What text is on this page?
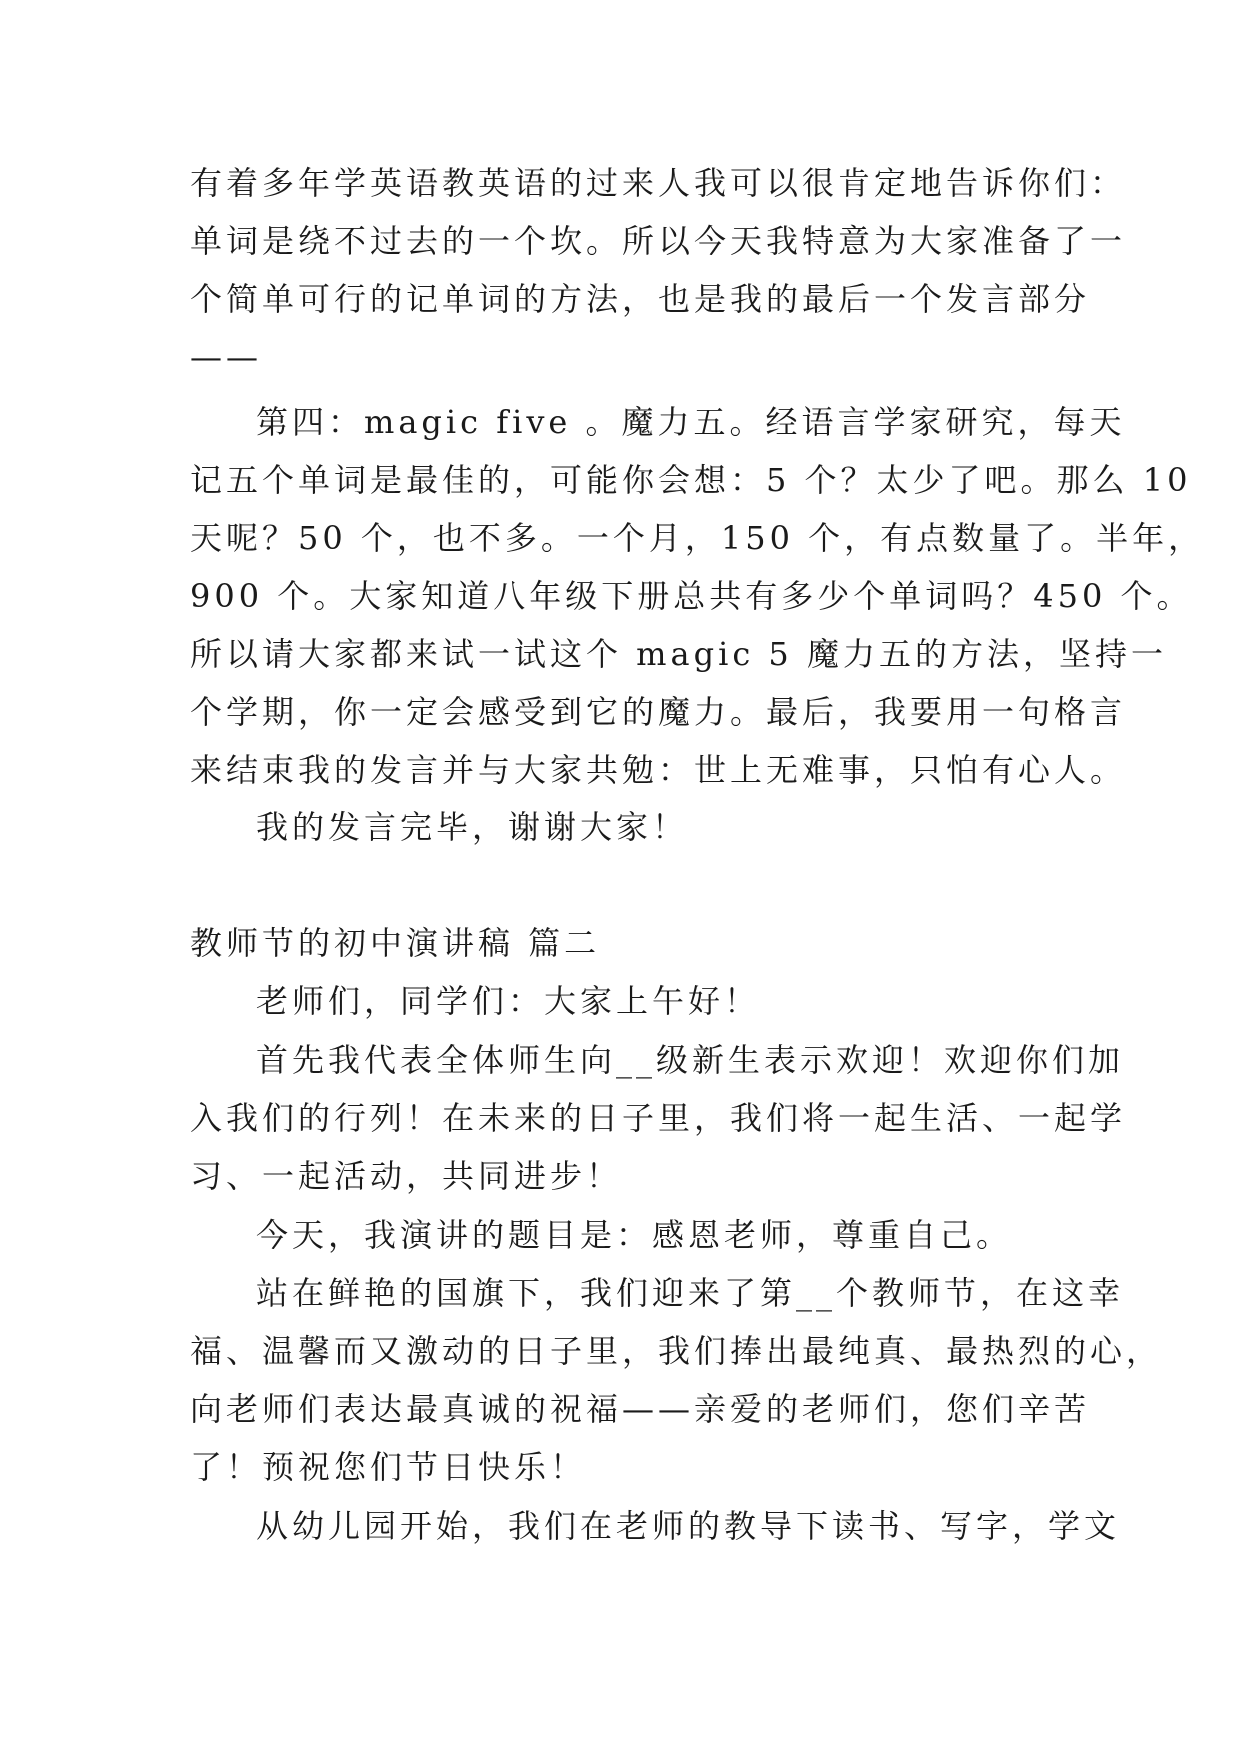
有着多年学英语教英语的过来人我可以很肯定地告诉你们：
单词是绕不过去的一个坎。所以今天我特意为大家准备了一
个简单可行的记单词的方法，也是我的最后一个发言部分
——
第四：magic five 。魔力五。经语言学家研究，每天
记五个单词是最佳的，可能你会想：5 个？太少了吧。那么 10
天呢？50 个，也不多。一个月，150 个，有点数量了。半年，
900 个。大家知道八年级下册总共有多少个单词吗？450 个。
所以请大家都来试一试这个 magic 5 魔力五的方法，坚持一
个学期，你一定会感受到它的魔力。最后，我要用一句格言
来结束我的发言并与大家共勉：世上无难事，只怕有心人。
我的发言完毕，谢谢大家！
教师节的初中演讲稿 篇二
老师们，同学们：大家上午好！
首先我代表全体师生向__级新生表示欢迎！欢迎你们加
入我们的行列！在未来的日子里，我们将一起生活、一起学
习、一起活动，共同进步！
今天，我演讲的题目是：感恩老师，尊重自己。
站在鲜艳的国旗下，我们迎来了第__个教师节，在这幸
福、温馨而又激动的日子里，我们捧出最纯真、最热烈的心，
向老师们表达最真诚的祝福——亲爱的老师们，您们辛苦
了！预祝您们节日快乐！
从幼儿园开始，我们在老师的教导下读书、写字，学文
